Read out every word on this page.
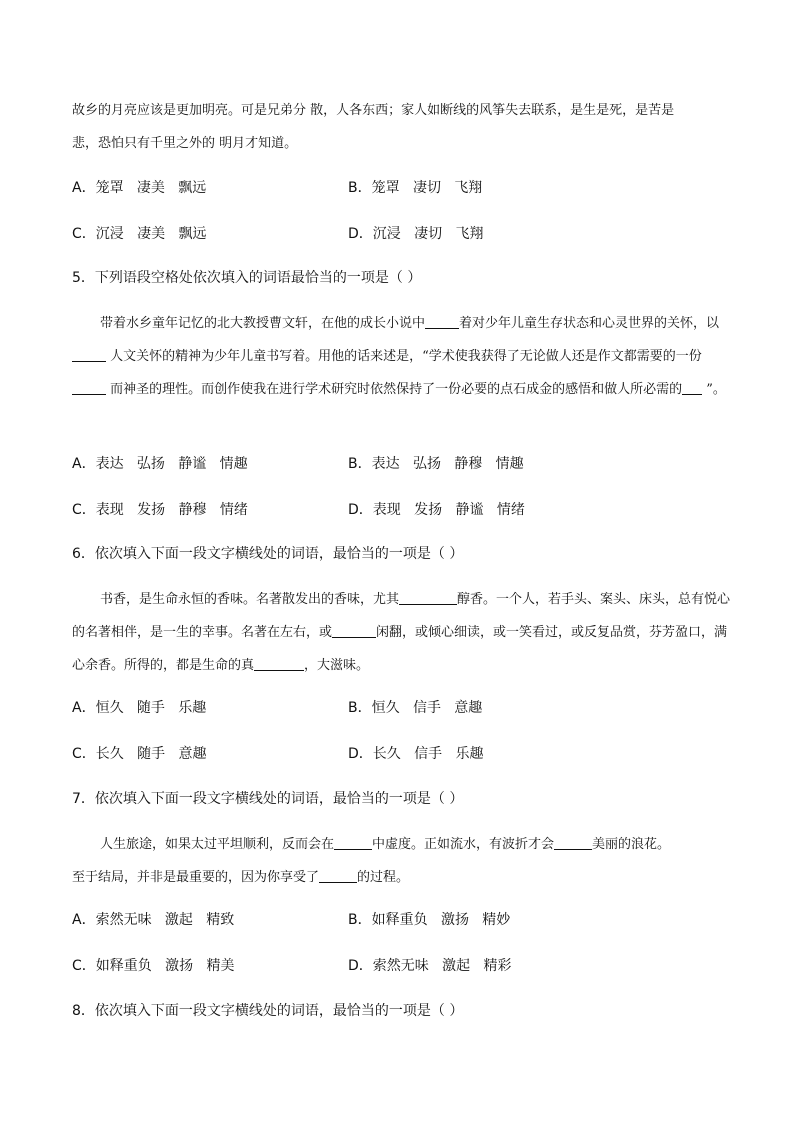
故乡的月亮应该是更加明亮。可是兄弟分 散，人各东西；家人如断线的风筝失去联系，是生是死，是苦是
悲，恐怕只有千里之外的 明月才知道。
A．笼罩   凄美   飘远	B．笼罩   凄切   飞翔
C．沉浸   凄美   飘远	D．沉浸   凄切   飞翔
5．下列语段空格处依次填入的词语最恰当的一项是（ ）
带着水乡童年记忆的北大教授曹文轩，在他的成长小说中	着对少年儿童生存状态和心灵世界的关怀，以 人文关怀的精神为少年儿童书写着。用他的话来述是，“学术使我获得了无论做人还是作文都需要的一份 而神圣的理性。而创作使我在进行学术研究时依然保持了一份必要的点石成金的感悟和做人所必需的 ”。
A．表达   弘扬   静谧   情趣	B．表达   弘扬   静穆   情趣
C．表现   发扬   静穆   情绪	D．表现   发扬   静谧   情绪
6．依次填入下面一段文字横线处的词语，最恰当的一项是（ ）
书香，是生命永恒的香味。名著散发出的香味，尤其	醇香。一个人，若手头、案头、床头，总有悦心的名著相伴，是一生的幸事。名著在左右，或	闲翻，或倾心细读，或一笑看过，或反复品赏，芬芳盈口，满心余香。所得的，都是生命的真	，大滋味。
A．恒久   随手   乐趣	B．恒久   信手   意趣
C．长久   随手   意趣	D．长久   信手   乐趣
7．依次填入下面一段文字横线处的词语，最恰当的一项是（ ）
人生旅途，如果太过平坦顺利，反而会在	中虚度。正如流水，有波折才会	美丽的浪花。
至于结局，并非是最重要的，因为你享受了	的过程。
A．索然无味   激起   精致	B．如释重负   激扬   精妙
C．如释重负   激扬   精美	D．索然无味   激起   精彩
8．依次填入下面一段文字横线处的词语，最恰当的一项是（ ）
